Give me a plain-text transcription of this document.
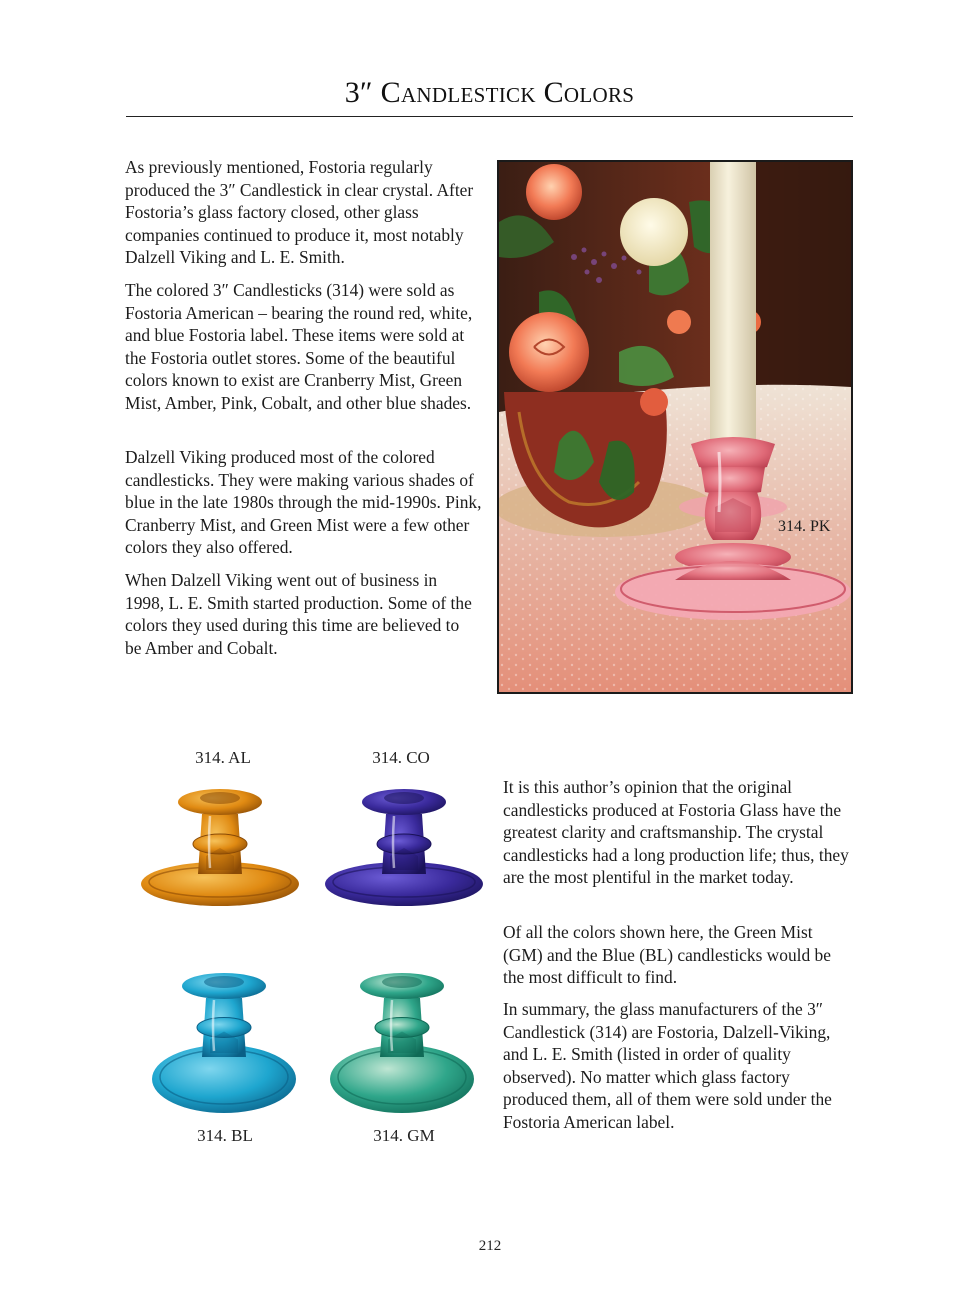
3″ Candlestick Colors

As previously mentioned, Fostoria regularly produced the 3″ Candlestick in clear crystal. After Fostoria’s glass factory closed, other glass companies continued to produce it, most notably Dalzell Viking and L. E. Smith.

The colored 3″ Candlesticks (314) were sold as Fostoria American – bearing the round red, white, and blue Fostoria label. These items were sold at the Fostoria outlet stores. Some of the beautiful colors known to exist are Cranberry Mist, Green Mist, Amber, Pink, Cobalt, and other blue shades.

Dalzell Viking produced most of the colored candlesticks. They were making various shades of blue in the late 1980s through the mid-1990s. Pink, Cranberry Mist, and Green Mist were a few other colors they also offered.

When Dalzell Viking went out of business in 1998, L. E. Smith started production. Some of the colors they used during this time are believed to be Amber and Cobalt.

314. PK
314. AL	314. CO
314. BL	314. GM

It is this author’s opinion that the original candlesticks produced at Fostoria Glass have the greatest clarity and craftsmanship. The crystal candlesticks had a long production life; thus, they are the most plentiful in the market today.

Of all the colors shown here, the Green Mist (GM) and the Blue (BL) candlesticks would be the most difficult to find.

In summary, the glass manufacturers of the 3″ Candlestick (314) are Fostoria, Dalzell-Viking, and L. E. Smith (listed in order of quality observed). No matter which glass factory produced them, all of them were sold under the Fostoria American label.

212
